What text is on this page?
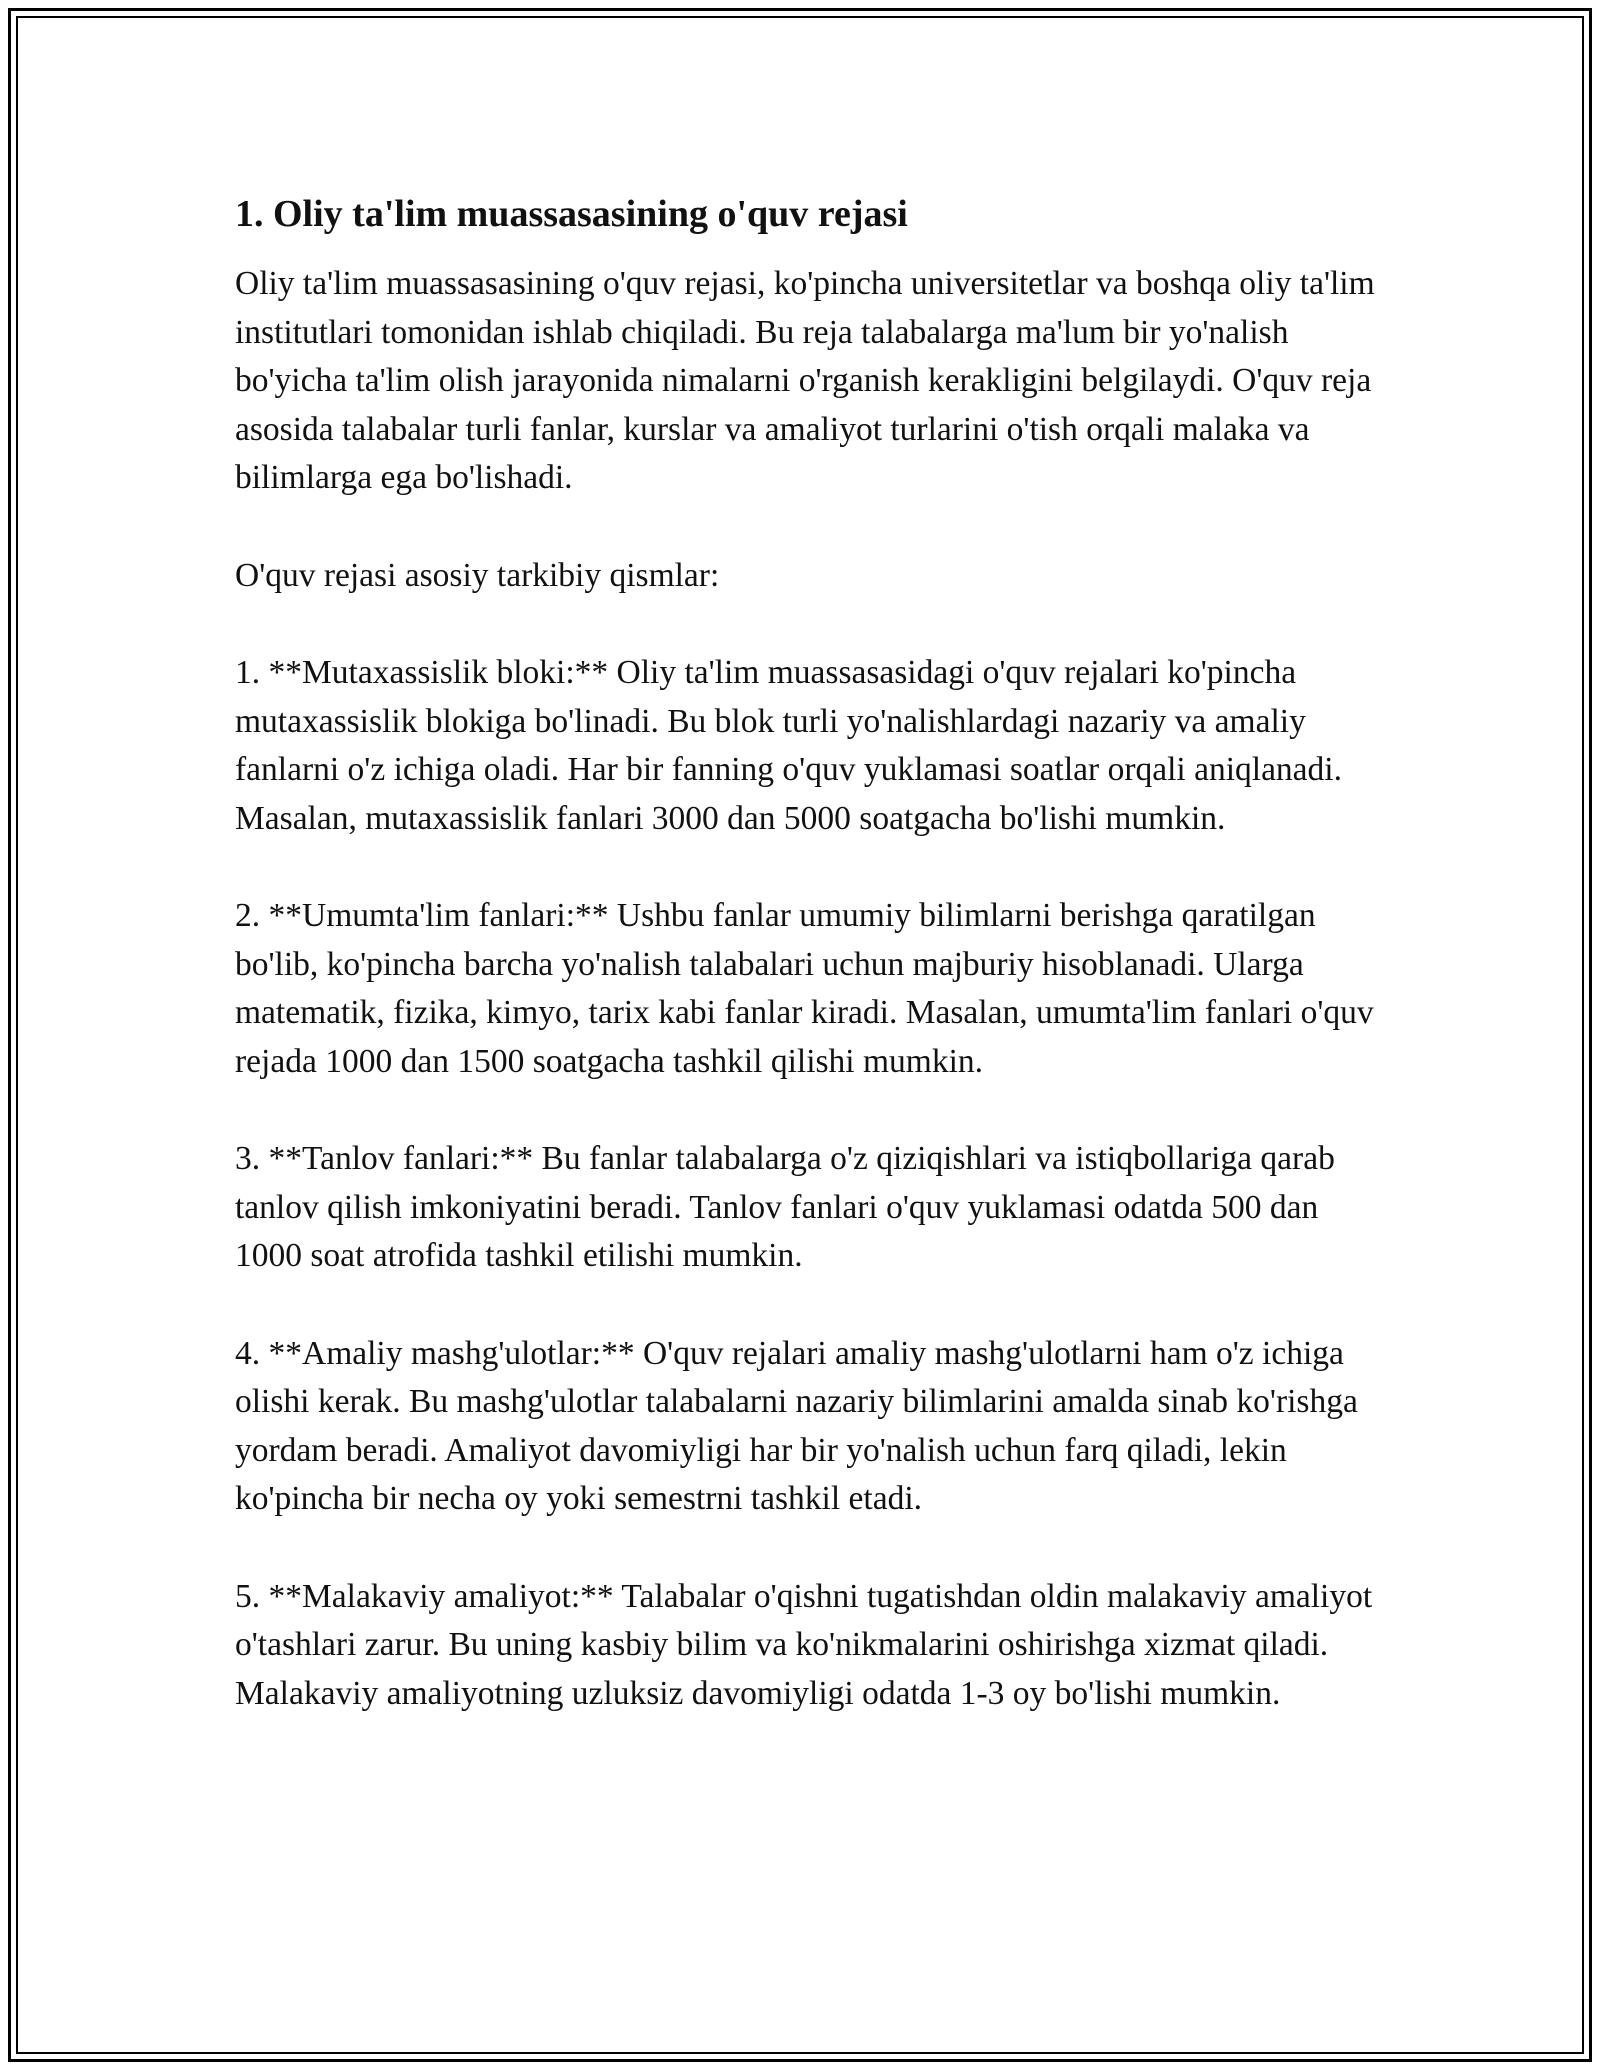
1. Oliy ta'lim muassasasining o'quv rejasi

Oliy ta'lim muassasasining o'quv rejasi, ko'pincha universitetlar va boshqa oliy ta'lim institutlari tomonidan ishlab chiqiladi. Bu reja talabalarga ma'lum bir yo'nalish bo'yicha ta'lim olish jarayonida nimalarni o'rganish kerakligini belgilaydi. O'quv reja asosida talabalar turli fanlar, kurslar va amaliyot turlarini o'tish orqali malaka va bilimlarga ega bo'lishadi.

O'quv rejasi asosiy tarkibiy qismlar:

1. **Mutaxassislik bloki:** Oliy ta'lim muassasasidagi o'quv rejalari ko'pincha mutaxassislik blokiga bo'linadi. Bu blok turli yo'nalishlardagi nazariy va amaliy fanlarni o'z ichiga oladi. Har bir fanning o'quv yuklamasi soatlar orqali aniqlanadi. Masalan, mutaxassislik fanlari 3000 dan 5000 soatgacha bo'lishi mumkin.

2. **Umumta'lim fanlari:** Ushbu fanlar umumiy bilimlarni berishga qaratilgan bo'lib, ko'pincha barcha yo'nalish talabalari uchun majburiy hisoblanadi. Ularga matematik, fizika, kimyo, tarix kabi fanlar kiradi. Masalan, umumta'lim fanlari o'quv rejada 1000 dan 1500 soatgacha tashkil qilishi mumkin.

3. **Tanlov fanlari:** Bu fanlar talabalarga o'z qiziqishlari va istiqbollariga qarab tanlov qilish imkoniyatini beradi. Tanlov fanlari o'quv yuklamasi odatda 500 dan 1000 soat atrofida tashkil etilishi mumkin.

4. **Amaliy mashg'ulotlar:** O'quv rejalari amaliy mashg'ulotlarni ham o'z ichiga olishi kerak. Bu mashg'ulotlar talabalarni nazariy bilimlarini amalda sinab ko'rishga yordam beradi. Amaliyot davomiyligi har bir yo'nalish uchun farq qiladi, lekin ko'pincha bir necha oy yoki semestrni tashkil etadi.

5. **Malakaviy amaliyot:** Talabalar o'qishni tugatishdan oldin malakaviy amaliyot o'tashlari zarur. Bu uning kasbiy bilim va ko'nikmalarini oshirishga xizmat qiladi. Malakaviy amaliyotning uzluksiz davomiyligi odatda 1-3 oy bo'lishi mumkin.
